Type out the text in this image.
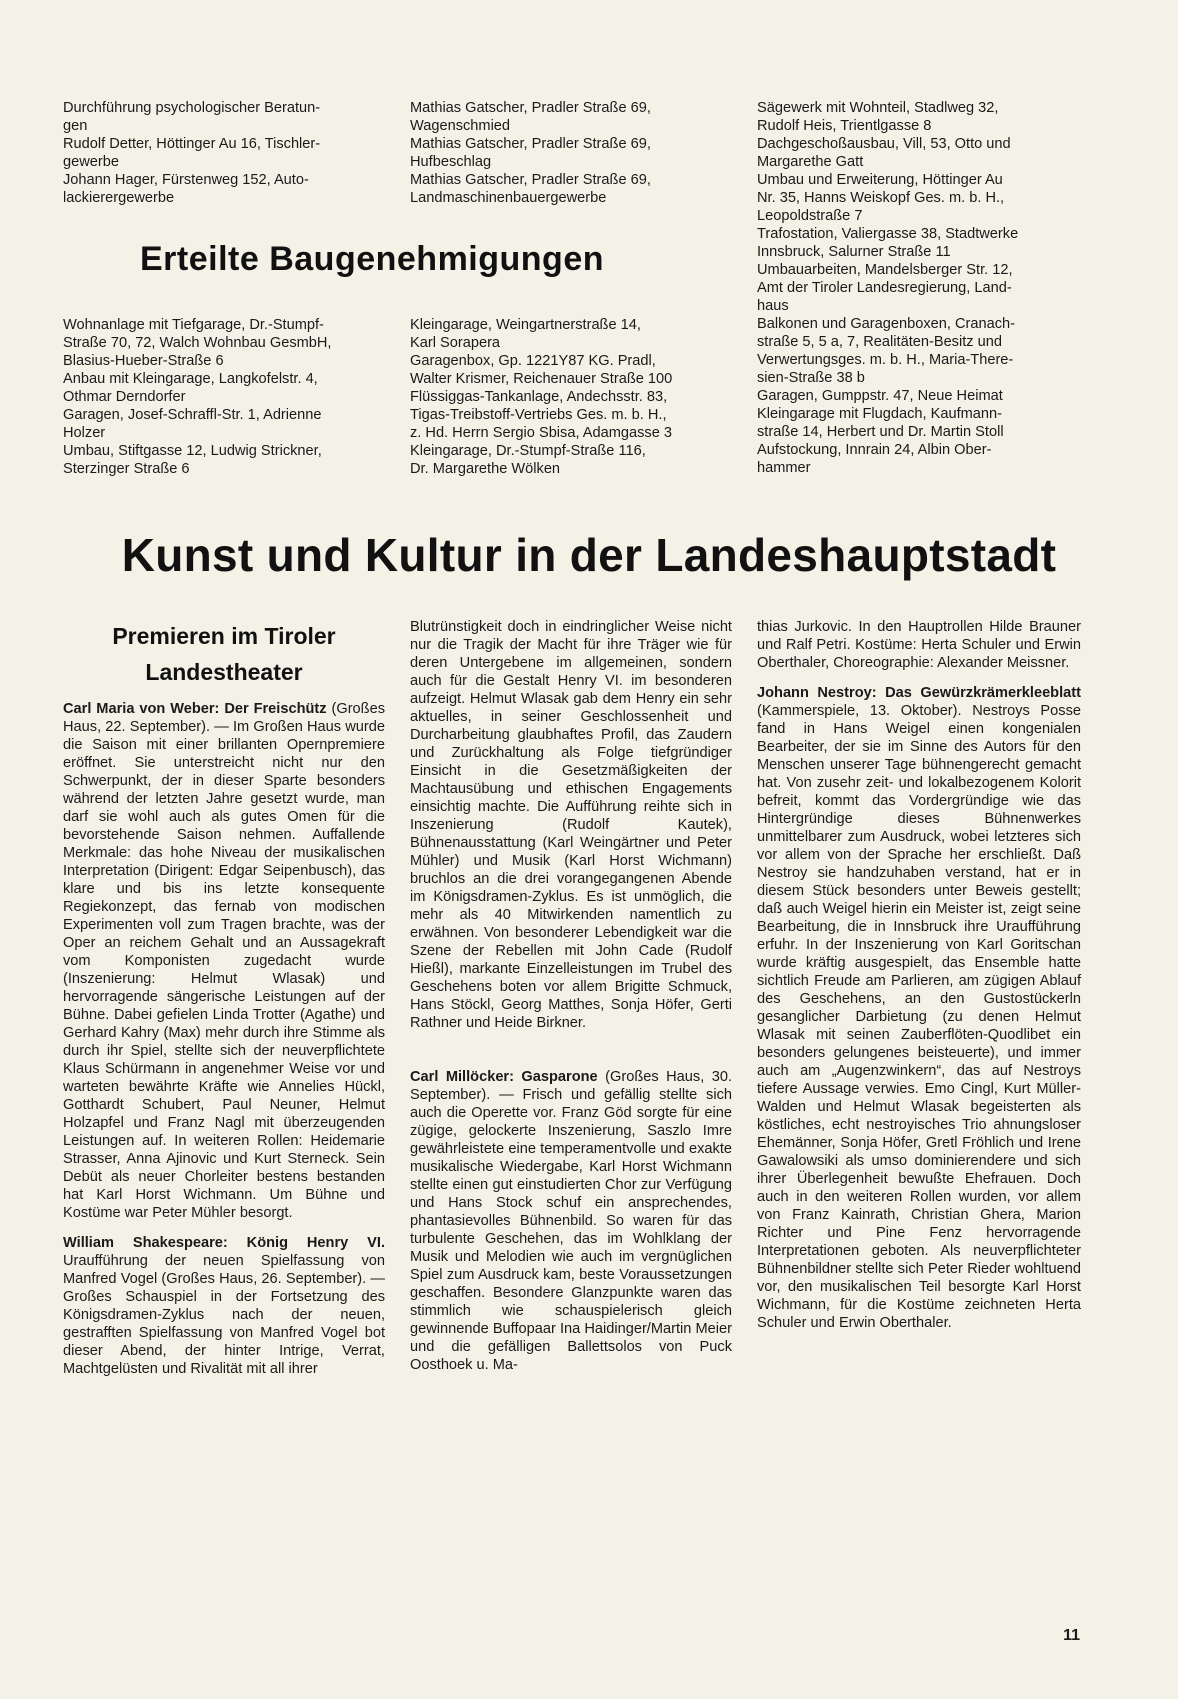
Durchführung psychologischer Beratun-

gen

Rudolf Detter, Höttinger Au 16, Tischler-

gewerbe

Johann Hager, Fürstenweg 152, Auto-

lackierergewerbe

Mathias Gatscher, Pradler Straße 69,

Wagenschmied

Mathias Gatscher, Pradler Straße 69,

Hufbeschlag

Mathias Gatscher, Pradler Straße 69,

Landmaschinenbauergewerbe

Sägewerk mit Wohnteil, Stadlweg 32,

Rudolf Heis, Trientlgasse 8

Dachgeschoßausbau, Vill, 53, Otto und

Margarethe Gatt

Umbau und Erweiterung, Höttinger Au

Nr. 35, Hanns Weiskopf Ges. m. b. H.,

Leopoldstraße 7

Trafostation, Valiergasse 38, Stadtwerke

Innsbruck, Salurner Straße 11

Umbauarbeiten, Mandelsberger Str. 12,

Amt der Tiroler Landesregierung, Land-

haus

Balkonen und Garagenboxen, Cranach-

straße 5, 5 a, 7, Realitäten-Besitz und

Verwertungsges. m. b. H., Maria-There-

sien-Straße 38 b

Garagen, Gumppstr. 47, Neue Heimat

Kleingarage mit Flugdach, Kaufmann-

straße 14, Herbert und Dr. Martin Stoll

Aufstockung, Innrain 24, Albin Ober-

hammer

Erteilte Baugenehmigungen

Wohnanlage mit Tiefgarage, Dr.-Stumpf-

Straße 70, 72, Walch Wohnbau GesmbH,

Blasius-Hueber-Straße 6

Anbau mit Kleingarage, Langkofelstr. 4,

Othmar Derndorfer

Garagen, Josef-Schraffl-Str. 1, Adrienne

Holzer

Umbau, Stiftgasse 12, Ludwig Strickner,

Sterzinger Straße 6

Kleingarage, Weingartnerstraße 14,

Karl Sorapera

Garagenbox, Gp. 1221Y87 KG. Pradl,

Walter Krismer, Reichenauer Straße 100

Flüssiggas-Tankanlage, Andechsstr. 83,

Tigas-Treibstoff-Vertriebs Ges. m. b. H.,

z. Hd. Herrn Sergio Sbisa, Adamgasse 3

Kleingarage, Dr.-Stumpf-Straße 116,

Dr. Margarethe Wölken

Kunst und Kultur in der Landeshauptstadt
Premieren im Tiroler
Landestheater

Carl Maria von Weber: Der Freischütz (Großes Haus, 22. September). — Im Großen Haus wurde die Saison mit einer brillanten Opernpremiere eröffnet. Sie unterstreicht nicht nur den Schwerpunkt, der in dieser Sparte besonders während der letzten Jahre gesetzt wurde, man darf sie wohl auch als gutes Omen für die bevorstehende Saison nehmen. Auffallende Merkmale: das hohe Niveau der musikalischen Interpretation (Dirigent: Edgar Seipenbusch), das klare und bis ins letzte konsequente Regiekonzept, das fernab von modischen Experimenten voll zum Tragen brachte, was der Oper an reichem Gehalt und an Aussagekraft vom Komponisten zugedacht wurde (Inszenierung: Helmut Wlasak) und hervorragende sängerische Leistungen auf der Bühne. Dabei gefielen Linda Trotter (Agathe) und Gerhard Kahry (Max) mehr durch ihre Stimme als durch ihr Spiel, stellte sich der neuverpflichtete Klaus Schürmann in angenehmer Weise vor und warteten bewährte Kräfte wie Annelies Hückl, Gotthardt Schubert, Paul Neuner, Helmut Holzapfel und Franz Nagl mit überzeugenden Leistungen auf. In weiteren Rollen: Heidemarie Strasser, Anna Ajinovic und Kurt Sterneck. Sein Debüt als neuer Chorleiter bestens bestanden hat Karl Horst Wichmann. Um Bühne und Kostüme war Peter Mühler besorgt.

William Shakespeare: König Henry VI. Uraufführung der neuen Spielfassung von Manfred Vogel (Großes Haus, 26. September). — Großes Schauspiel in der Fortsetzung des Königsdramen-Zyklus nach der neuen, gestrafften Spielfassung von Manfred Vogel bot dieser Abend, der hinter Intrige, Verrat, Machtgelüsten und Rivalität mit all ihrer

Blutrünstigkeit doch in eindringlicher Weise nicht nur die Tragik der Macht für ihre Träger wie für deren Untergebene im allgemeinen, sondern auch für die Gestalt Henry VI. im besonderen aufzeigt. Helmut Wlasak gab dem Henry ein sehr aktuelles, in seiner Geschlossenheit und Durcharbeitung glaubhaftes Profil, das Zaudern und Zurückhaltung als Folge tiefgründiger Einsicht in die Gesetzmäßigkeiten der Machtausübung und ethischen Engagements einsichtig machte. Die Aufführung reihte sich in Inszenierung (Rudolf Kautek), Bühnenausstattung (Karl Weingärtner und Peter Mühler) und Musik (Karl Horst Wichmann) bruchlos an die drei vorangegangenen Abende im Königsdramen-Zyklus. Es ist unmöglich, die mehr als 40 Mitwirkenden namentlich zu erwähnen. Von besonderer Lebendigkeit war die Szene der Rebellen mit John Cade (Rudolf Hießl), markante Einzelleistungen im Trubel des Geschehens boten vor allem Brigitte Schmuck, Hans Stöckl, Georg Matthes, Sonja Höfer, Gerti Rathner und Heide Birkner.

Carl Millöcker: Gasparone (Großes Haus, 30. September). — Frisch und gefällig stellte sich auch die Operette vor. Franz Göd sorgte für eine zügige, gelockerte Inszenierung, Saszlo Imre gewährleistete eine temperamentvolle und exakte musikalische Wiedergabe, Karl Horst Wichmann stellte einen gut einstudierten Chor zur Verfügung und Hans Stock schuf ein ansprechendes, phantasievolles Bühnenbild. So waren für das turbulente Geschehen, das im Wohlklang der Musik und Melodien wie auch im vergnüglichen Spiel zum Ausdruck kam, beste Voraussetzungen geschaffen. Besondere Glanzpunkte waren das stimmlich wie schauspielerisch gleich gewinnende Buffopaar Ina Haidinger/Martin Meier und die gefälligen Ballettsolos von Puck Oosthoek u. Ma-

thias Jurkovic. In den Hauptrollen Hilde Brauner und Ralf Petri. Kostüme: Herta Schuler und Erwin Oberthaler, Choreographie: Alexander Meissner.

Johann Nestroy: Das Gewürzkrämerkleeblatt (Kammerspiele, 13. Oktober). Nestroys Posse fand in Hans Weigel einen kongenialen Bearbeiter, der sie im Sinne des Autors für den Menschen unserer Tage bühnengerecht gemacht hat. Von zusehr zeit- und lokalbezogenem Kolorit befreit, kommt das Vordergründige wie das Hintergründige dieses Bühnenwerkes unmittelbarer zum Ausdruck, wobei letzteres sich vor allem von der Sprache her erschließt. Daß Nestroy sie handzuhaben verstand, hat er in diesem Stück besonders unter Beweis gestellt; daß auch Weigel hierin ein Meister ist, zeigt seine Bearbeitung, die in Innsbruck ihre Uraufführung erfuhr. In der Inszenierung von Karl Goritschan wurde kräftig ausgespielt, das Ensemble hatte sichtlich Freude am Parlieren, am zügigen Ablauf des Geschehens, an den Gustostückerln gesanglicher Darbietung (zu denen Helmut Wlasak mit seinen Zauberflöten-Quodlibet ein besonders gelungenes beisteuerte), und immer auch am „Augenzwinkern“, das auf Nestroys tiefere Aussage verwies. Emo Cingl, Kurt Müller-Walden und Helmut Wlasak begeisterten als köstliches, echt nestroyisches Trio ahnungsloser Ehemänner, Sonja Höfer, Gretl Fröhlich und Irene Gawalowsiki als umso dominierendere und sich ihrer Überlegenheit bewußte Ehefrauen. Doch auch in den weiteren Rollen wurden, vor allem von Franz Kainrath, Christian Ghera, Marion Richter und Pine Fenz hervorragende Interpretationen geboten. Als neuverpflichteter Bühnenbildner stellte sich Peter Rieder wohltuend vor, den musikalischen Teil besorgte Karl Horst Wichmann, für die Kostüme zeichneten Herta Schuler und Erwin Oberthaler.

11
